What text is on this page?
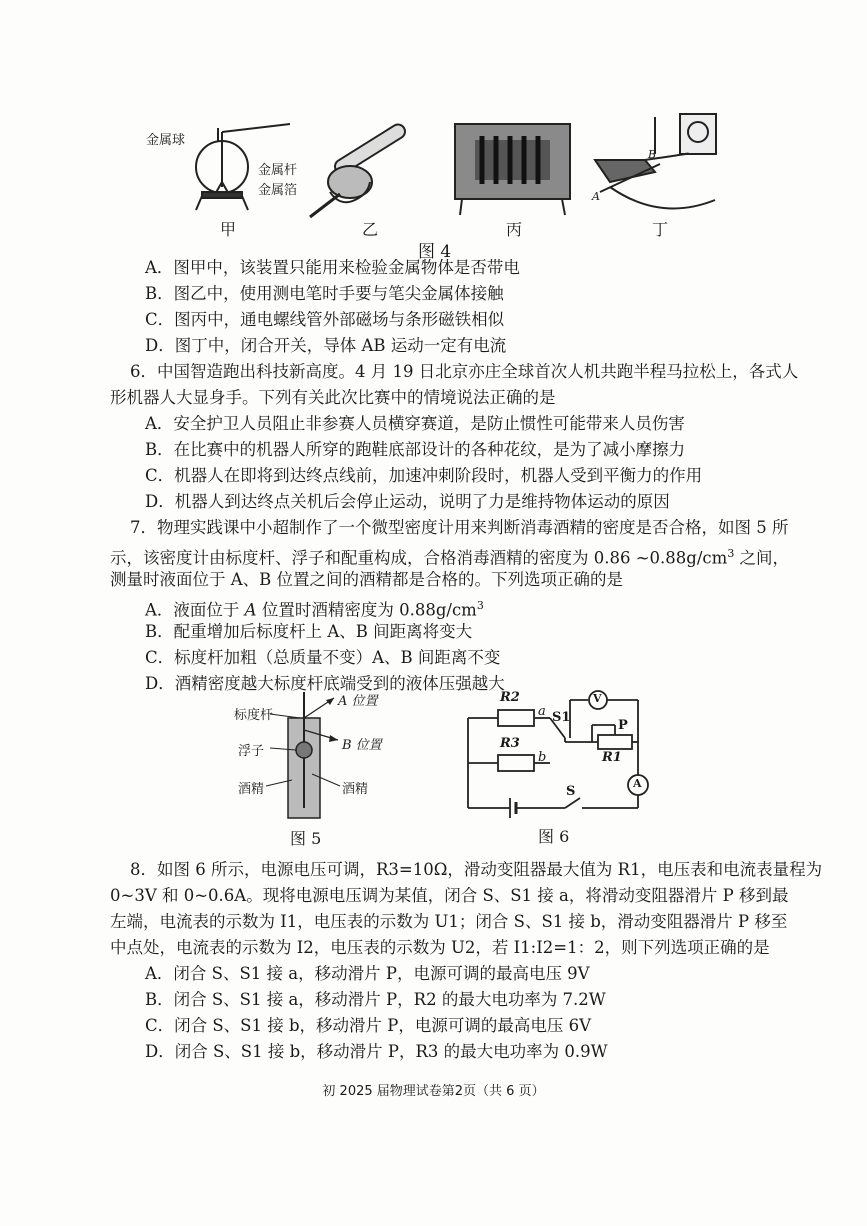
金属球
金属杆
金属箔
B
A
甲	乙	丙	丁
图 4
A．图甲中，该装置只能用来检验金属物体是否带电
B．图乙中，使用测电笔时手要与笔尖金属体接触
C．图丙中，通电螺线管外部磁场与条形磁铁相似
D．图丁中，闭合开关，导体 AB 运动一定有电流
6．中国智造跑出科技新高度。4 月 19 日北京亦庄全球首次人机共跑半程马拉松上，各式人
形机器人大显身手。下列有关此次比赛中的情境说法正确的是
A．安全护卫人员阻止非参赛人员横穿赛道，是防止惯性可能带来人员伤害
B．在比赛中的机器人所穿的跑鞋底部设计的各种花纹，是为了减小摩擦力
C．机器人在即将到达终点线前，加速冲刺阶段时，机器人受到平衡力的作用
D．机器人到达终点关机后会停止运动，说明了力是维持物体运动的原因
7．物理实践课中小超制作了一个微型密度计用来判断消毒酒精的密度是否合格，如图 5 所
示，该密度计由标度杆、浮子和配重构成，合格消毒酒精的密度为 0.86 $\sim 0.88g/cm^3$ 之间，
测量时液面位于 A、B 位置之间的酒精都是合格的。下列选项正确的是
A．液面位于 A 位置时酒精密度为 $0.88g/cm^3$
B．配重增加后标度杆上 A、B 间距离将变大
C．标度杆加粗（总质量不变）A、B 间距离不变
D．酒精密度越大标度杆底端受到的液体压强越大
标度杆
浮子
酒精	酒精
A 位置
B 位置
图 5
R2
R3
R1
a
b
S1
P
V
A
S
图 6
8．如图 6 所示，电源电压可调，R3=10Ω，滑动变阻器最大值为 R1，电压表和电流表量程为
0~3V 和 0~0.6A。现将电源电压调为某值，闭合 S、S1 接 a，将滑动变阻器滑片 P 移到最
左端，电流表的示数为 I1，电压表的示数为 U1；闭合 S、S1 接 b，滑动变阻器滑片 P 移至
中点处，电流表的示数为 I2，电压表的示数为 U2，若 I1:I2=1：2，则下列选项正确的是
A．闭合 S、S1 接 a，移动滑片 P，电源可调的最高电压 9V
B．闭合 S、S1 接 a，移动滑片 P，R2 的最大电功率为 7.2W
C．闭合 S、S1 接 b，移动滑片 P，电源可调的最高电压 6V
D．闭合 S、S1 接 b，移动滑片 P，R3 的最大电功率为 0.9W
初 2025 届物理试卷第2页（共 6 页）
